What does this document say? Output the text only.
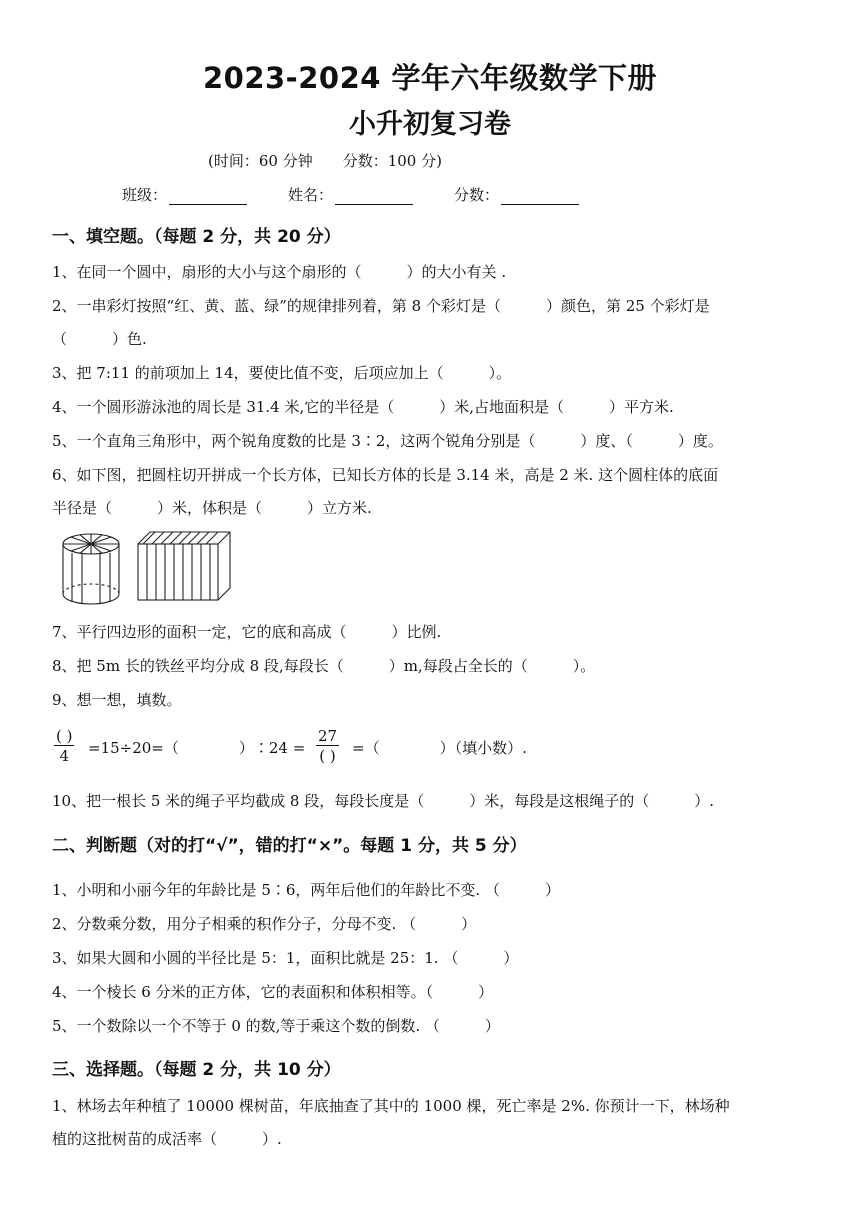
2023-2024 学年六年级数学下册
小升初复习卷
(时间：60 分钟　　分数：100 分)
班级：	姓名：	分数：
一、填空题。（每题 2 分，共 20 分）
1、在同一个圆中，扇形的大小与这个扇形的（　　　）的大小有关 .
2、一串彩灯按照“红、黄、蓝、绿”的规律排列着，第 8 个彩灯是（　　　）颜色，第 25 个彩灯是
（　　　）色.
3、把 7:11 的前项加上 14，要使比值不变，后项应加上（　　　）。
4、一个圆形游泳池的周长是 31.4 米,它的半径是（　　　）米,占地面积是（　　　）平方米.
5、一个直角三角形中，两个锐角度数的比是 3∶2，这两个锐角分别是（　　　）度、（　　　）度。
6、如下图，把圆柱切开拼成一个长方体，已知长方体的长是 3.14 米，高是 2 米. 这个圆柱体的底面
半径是（　　　）米，体积是（　　　）立方米.
7、平行四边形的面积一定，它的底和高成（　　　）比例.
8、把 5m 长的铁丝平均分成 8 段,每段长（　　　）m,每段占全长的（　　　）。
9、想一想，填数。
( )
4	=15÷20=（　　　　）∶24 =
27
( ) =（　　　　）（填小数）.
10、把一根长 5 米的绳子平均截成 8 段，每段长度是（　　　）米，每段是这根绳子的（　　　）.
二、判断题（对的打“√”，错的打“×”。每题 1 分，共 5 分）
1、小明和小丽今年的年龄比是 5∶6，两年后他们的年龄比不变. （　　　）
2、分数乘分数，用分子相乘的积作分子，分母不变. （　　　）
3、如果大圆和小圆的半径比是 5：1，面积比就是 25：1. （　　　）
4、一个棱长 6 分米的正方体，它的表面积和体积相等。（　　　）
5、一个数除以一个不等于 0 的数,等于乘这个数的倒数. （　　　）
三、选择题。（每题 2 分，共 10 分）
1、林场去年种植了 10000 棵树苗，年底抽查了其中的 1000 棵，死亡率是 2%. 你预计一下，林场种
植的这批树苗的成活率（　　　）.
